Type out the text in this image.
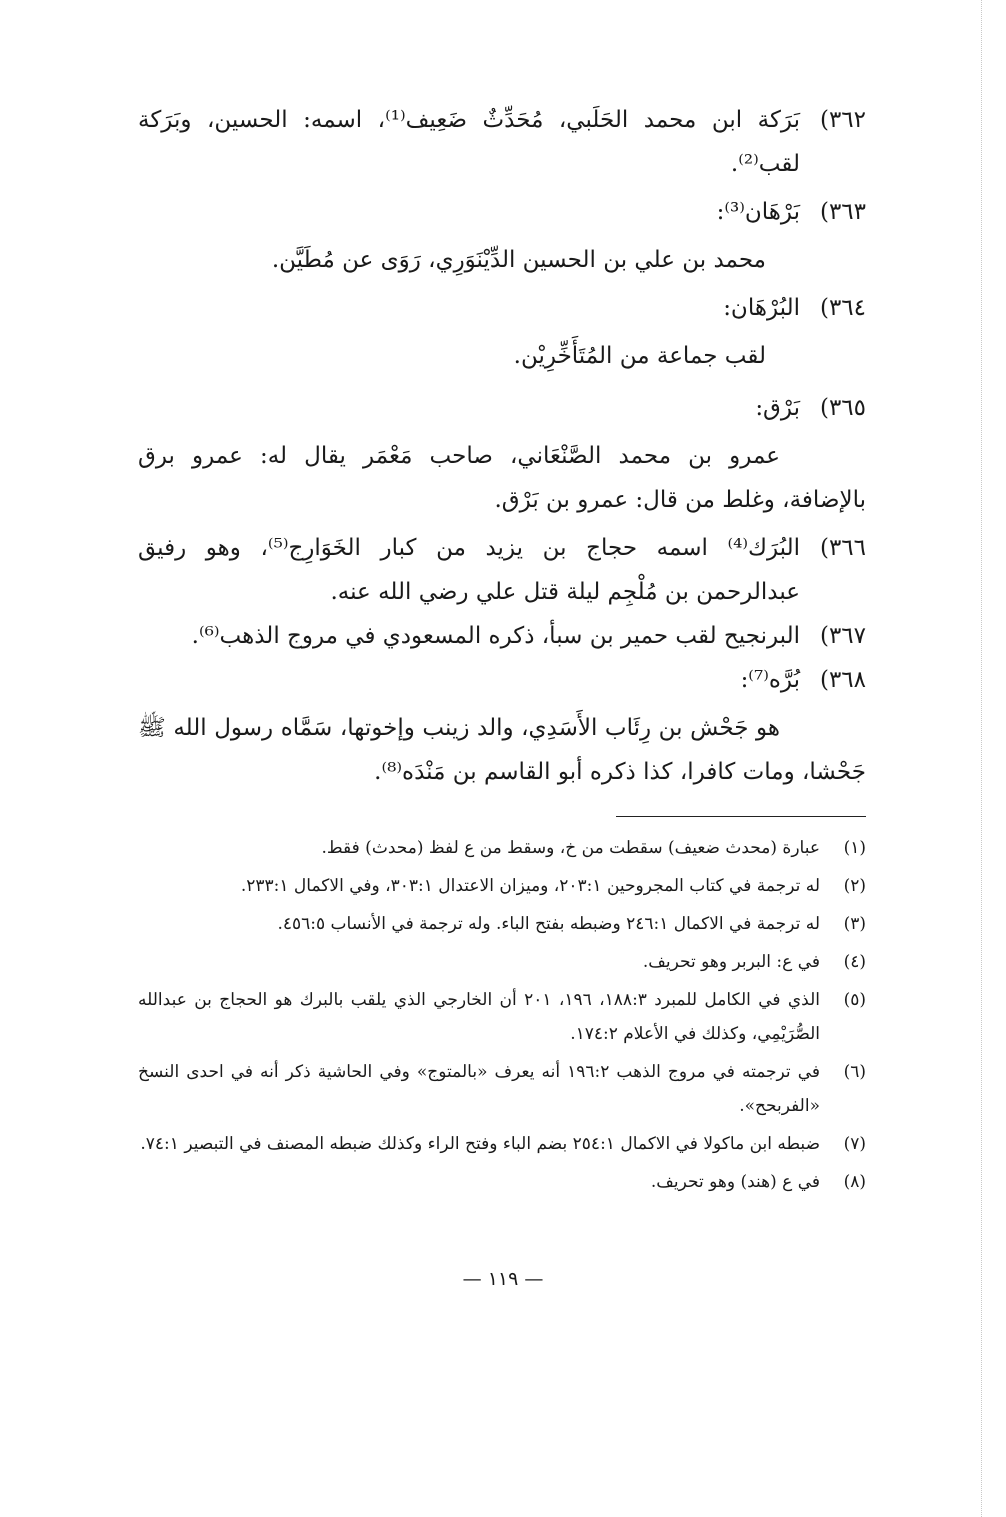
٣٦٢)
بَرَكة ابن محمد الحَلَبي، مُحَدِّثٌ ضَعِيف⁽¹⁾، اسمه: الحسين، وبَرَكة لقب⁽²⁾.
٣٦٣)
بَرْهَان⁽³⁾:
محمد بن علي بن الحسين الدِّيْنَوَرِي، رَوَى عن مُطَيَّن.
٣٦٤)
البُرْهَان:
لقب جماعة من المُتَأَخِّرِيْن.
٣٦٥)
بَرْق:
عمرو بن محمد الصَّنْعَاني، صاحب مَعْمَر يقال له: عمرو برق بالإضافة، وغلط من قال: عمرو بن بَرْق.
٣٦٦)
البُرَك⁽⁴⁾ اسمه حجاج بن يزيد من كبار الخَوَارِج⁽⁵⁾، وهو رفيق عبدالرحمن بن مُلْجِم ليلة قتل علي رضي الله عنه.
٣٦٧)
البرنجيح لقب حمير بن سبأ، ذكره المسعودي في مروج الذهب⁽⁶⁾.
٣٦٨)
بُرَّه⁽⁷⁾:
هو جَحْش بن رِئَاب الأَسَدِي، والد زينب وإخوتها، سَمَّاه رسول الله ﷺ جَحْشا، ومات كافرا، كذا ذكره أبو القاسم بن مَنْدَه⁽⁸⁾.
(١)
عبارة (محدث ضعيف) سقطت من خ، وسقط من ع لفظ (محدث) فقط.
(٢)
له ترجمة في كتاب المجروحين ٢٠٣:١، وميزان الاعتدال ٣٠٣:١، وفي الاكمال ٢٣٣:١.
(٣)
له ترجمة في الاكمال ٢٤٦:١ وضبطه بفتح الباء. وله ترجمة في الأنساب ٤٥٦:٥.
(٤)
في ع: البربر وهو تحريف.
(٥)
الذي في الكامل للمبرد ١٨٨:٣، ١٩٦، ٢٠١ أن الخارجي الذي يلقب بالبرك هو الحجاج بن عبدالله الصُّرَيْمِي، وكذلك في الأعلام ١٧٤:٢.
(٦)
في ترجمته في مروج الذهب ١٩٦:٢ أنه يعرف «بالمتوج» وفي الحاشية ذكر أنه في احدى النسخ «الفربحح».
(٧)
ضبطه ابن ماكولا في الاكمال ٢٥٤:١ بضم الباء وفتح الراء وكذلك ضبطه المصنف في التبصير ٧٤:١.
(٨)
في ع (هند) وهو تحريف.
— ١١٩ —
